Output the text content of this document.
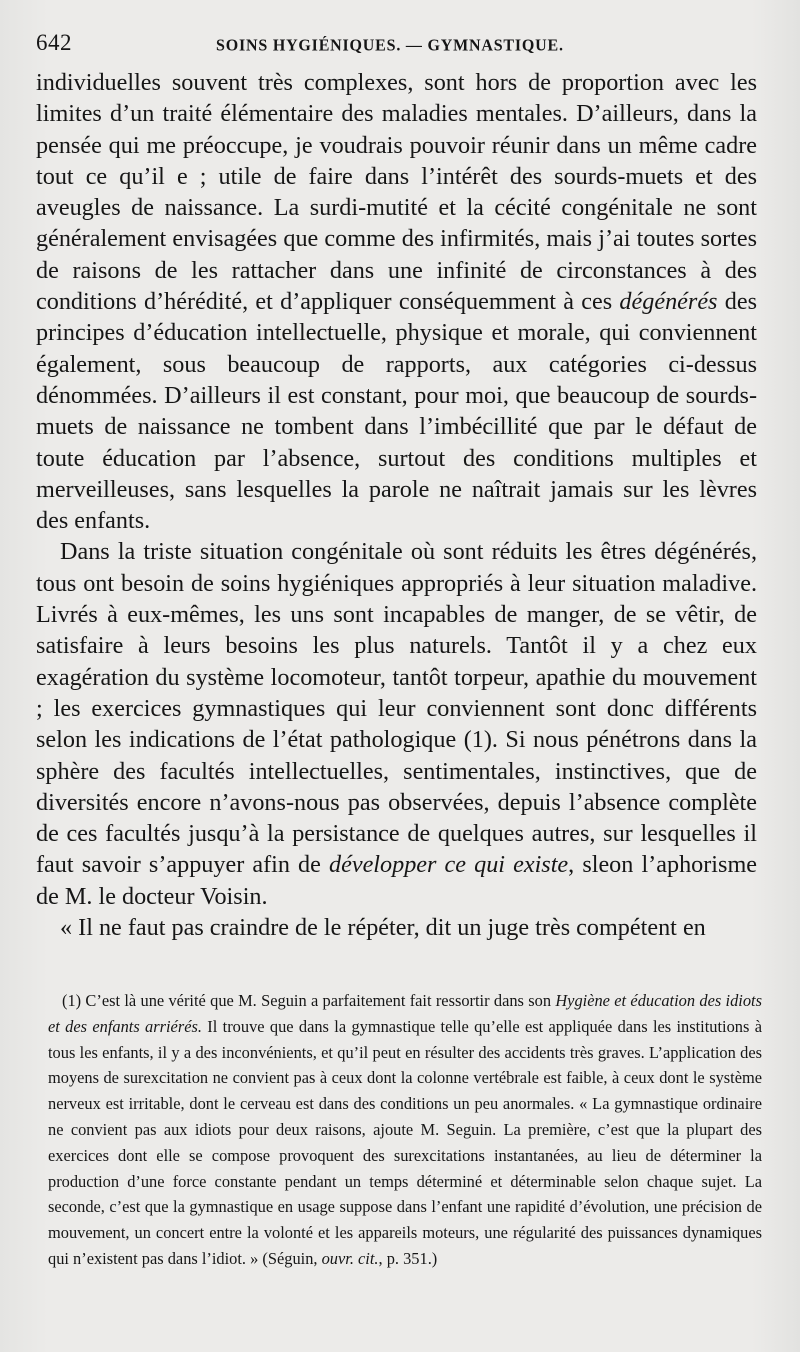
642	SOINS HYGIÉNIQUES. — GYMNASTIQUE.

individuelles souvent très complexes, sont hors de proportion avec les limites d’un traité élémentaire des maladies mentales. D’ailleurs, dans la pensée qui me préoccupe, je voudrais pouvoir réunir dans un même cadre tout ce qu’il e ; utile de faire dans l’intérêt des sourds-muets et des aveugles de naissance. La surdi-mutité et la cécité congénitale ne sont généralement envisagées que comme des infirmités, mais j’ai toutes sortes de raisons de les rattacher dans une infinité de circonstances à des conditions d’hérédité, et d’appliquer conséquemment à ces dégénérés des principes d’éducation intellectuelle, physique et morale, qui conviennent également, sous beaucoup de rapports, aux catégories ci-dessus dénommées. D’ailleurs il est constant, pour moi, que beaucoup de sourds-muets de naissance ne tombent dans l’imbécillité que par le défaut de toute éducation par l’absence, surtout des conditions multiples et merveilleuses, sans lesquelles la parole ne naîtrait jamais sur les lèvres des enfants.

Dans la triste situation congénitale où sont réduits les êtres dégénérés, tous ont besoin de soins hygiéniques appropriés à leur situation maladive. Livrés à eux-mêmes, les uns sont incapables de manger, de se vêtir, de satisfaire à leurs besoins les plus naturels. Tantôt il y a chez eux exagération du système locomoteur, tantôt torpeur, apathie du mouvement ; les exercices gymnastiques qui leur conviennent sont donc différents selon les indications de l’état pathologique (1). Si nous pénétrons dans la sphère des facultés intellectuelles, sentimentales, instinctives, que de diversités encore n’avons-nous pas observées, depuis l’absence complète de ces facultés jusqu’à la persistance de quelques autres, sur lesquelles il faut savoir s’appuyer afin de développer ce qui existe, sleon l’aphorisme de M. le docteur Voisin.

« Il ne faut pas craindre de le répéter, dit un juge très compétent en

(1) C’est là une vérité que M. Seguin a parfaitement fait ressortir dans son Hygiène et éducation des idiots et des enfants arriérés. Il trouve que dans la gymnastique telle qu’elle est appliquée dans les institutions à tous les enfants, il y a des inconvénients, et qu’il peut en résulter des accidents très graves. L’application des moyens de surexcitation ne convient pas à ceux dont la colonne vertébrale est faible, à ceux dont le système nerveux est irritable, dont le cerveau est dans des conditions un peu anormales. « La gymnastique ordinaire ne convient pas aux idiots pour deux raisons, ajoute M. Seguin. La première, c’est que la plupart des exercices dont elle se compose provoquent des surexcitations instantanées, au lieu de déterminer la production d’une force constante pendant un temps déterminé et déterminable selon chaque sujet. La seconde, c’est que la gymnastique en usage suppose dans l’enfant une rapidité d’évolution, une précision de mouvement, un concert entre la volonté et les appareils moteurs, une régularité des puissances dynamiques qui n’existent pas dans l’idiot. » (Séguin, ouvr. cit., p. 351.)
